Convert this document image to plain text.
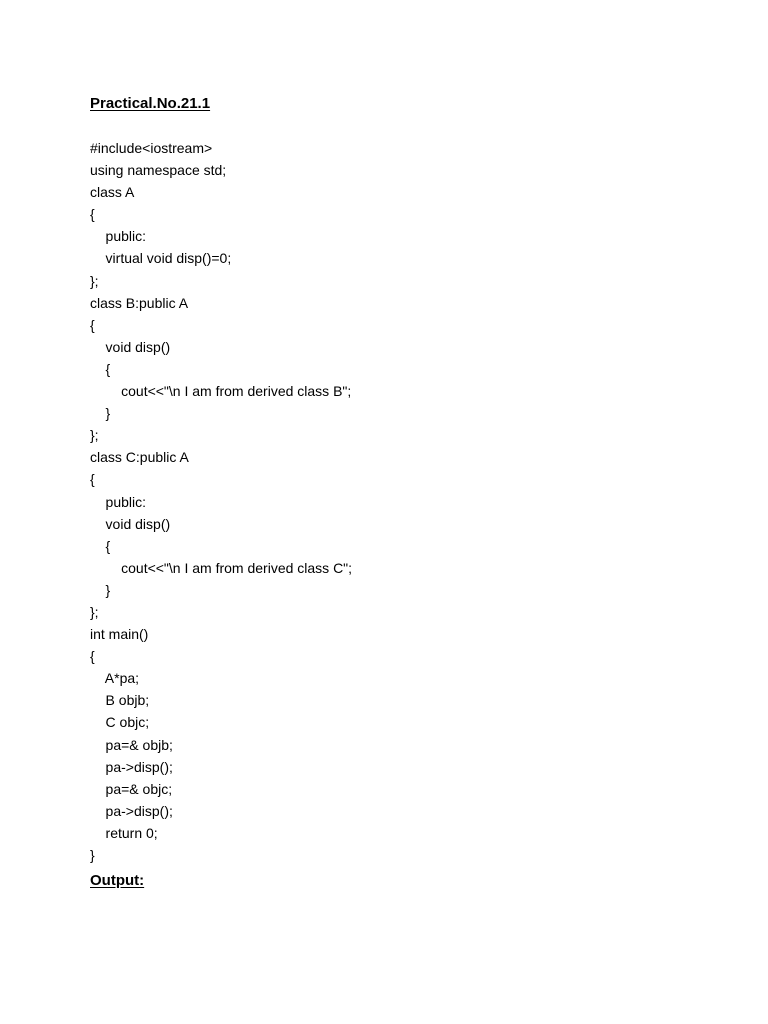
Practical.No.21.1
#include<iostream>
using namespace std;
class A
{
public:
virtual void disp()=0;
};
class B:public A
{
void disp()
{
cout<<"\n I am from derived class B";
}
};
class C:public A
{
public:
void disp()
{
cout<<"\n I am from derived class C";
}
};
int main()
{
A*pa;
B objb;
C objc;
pa=& objb;
pa->disp();
pa=& objc;
pa->disp();
return 0;
}
Output:
